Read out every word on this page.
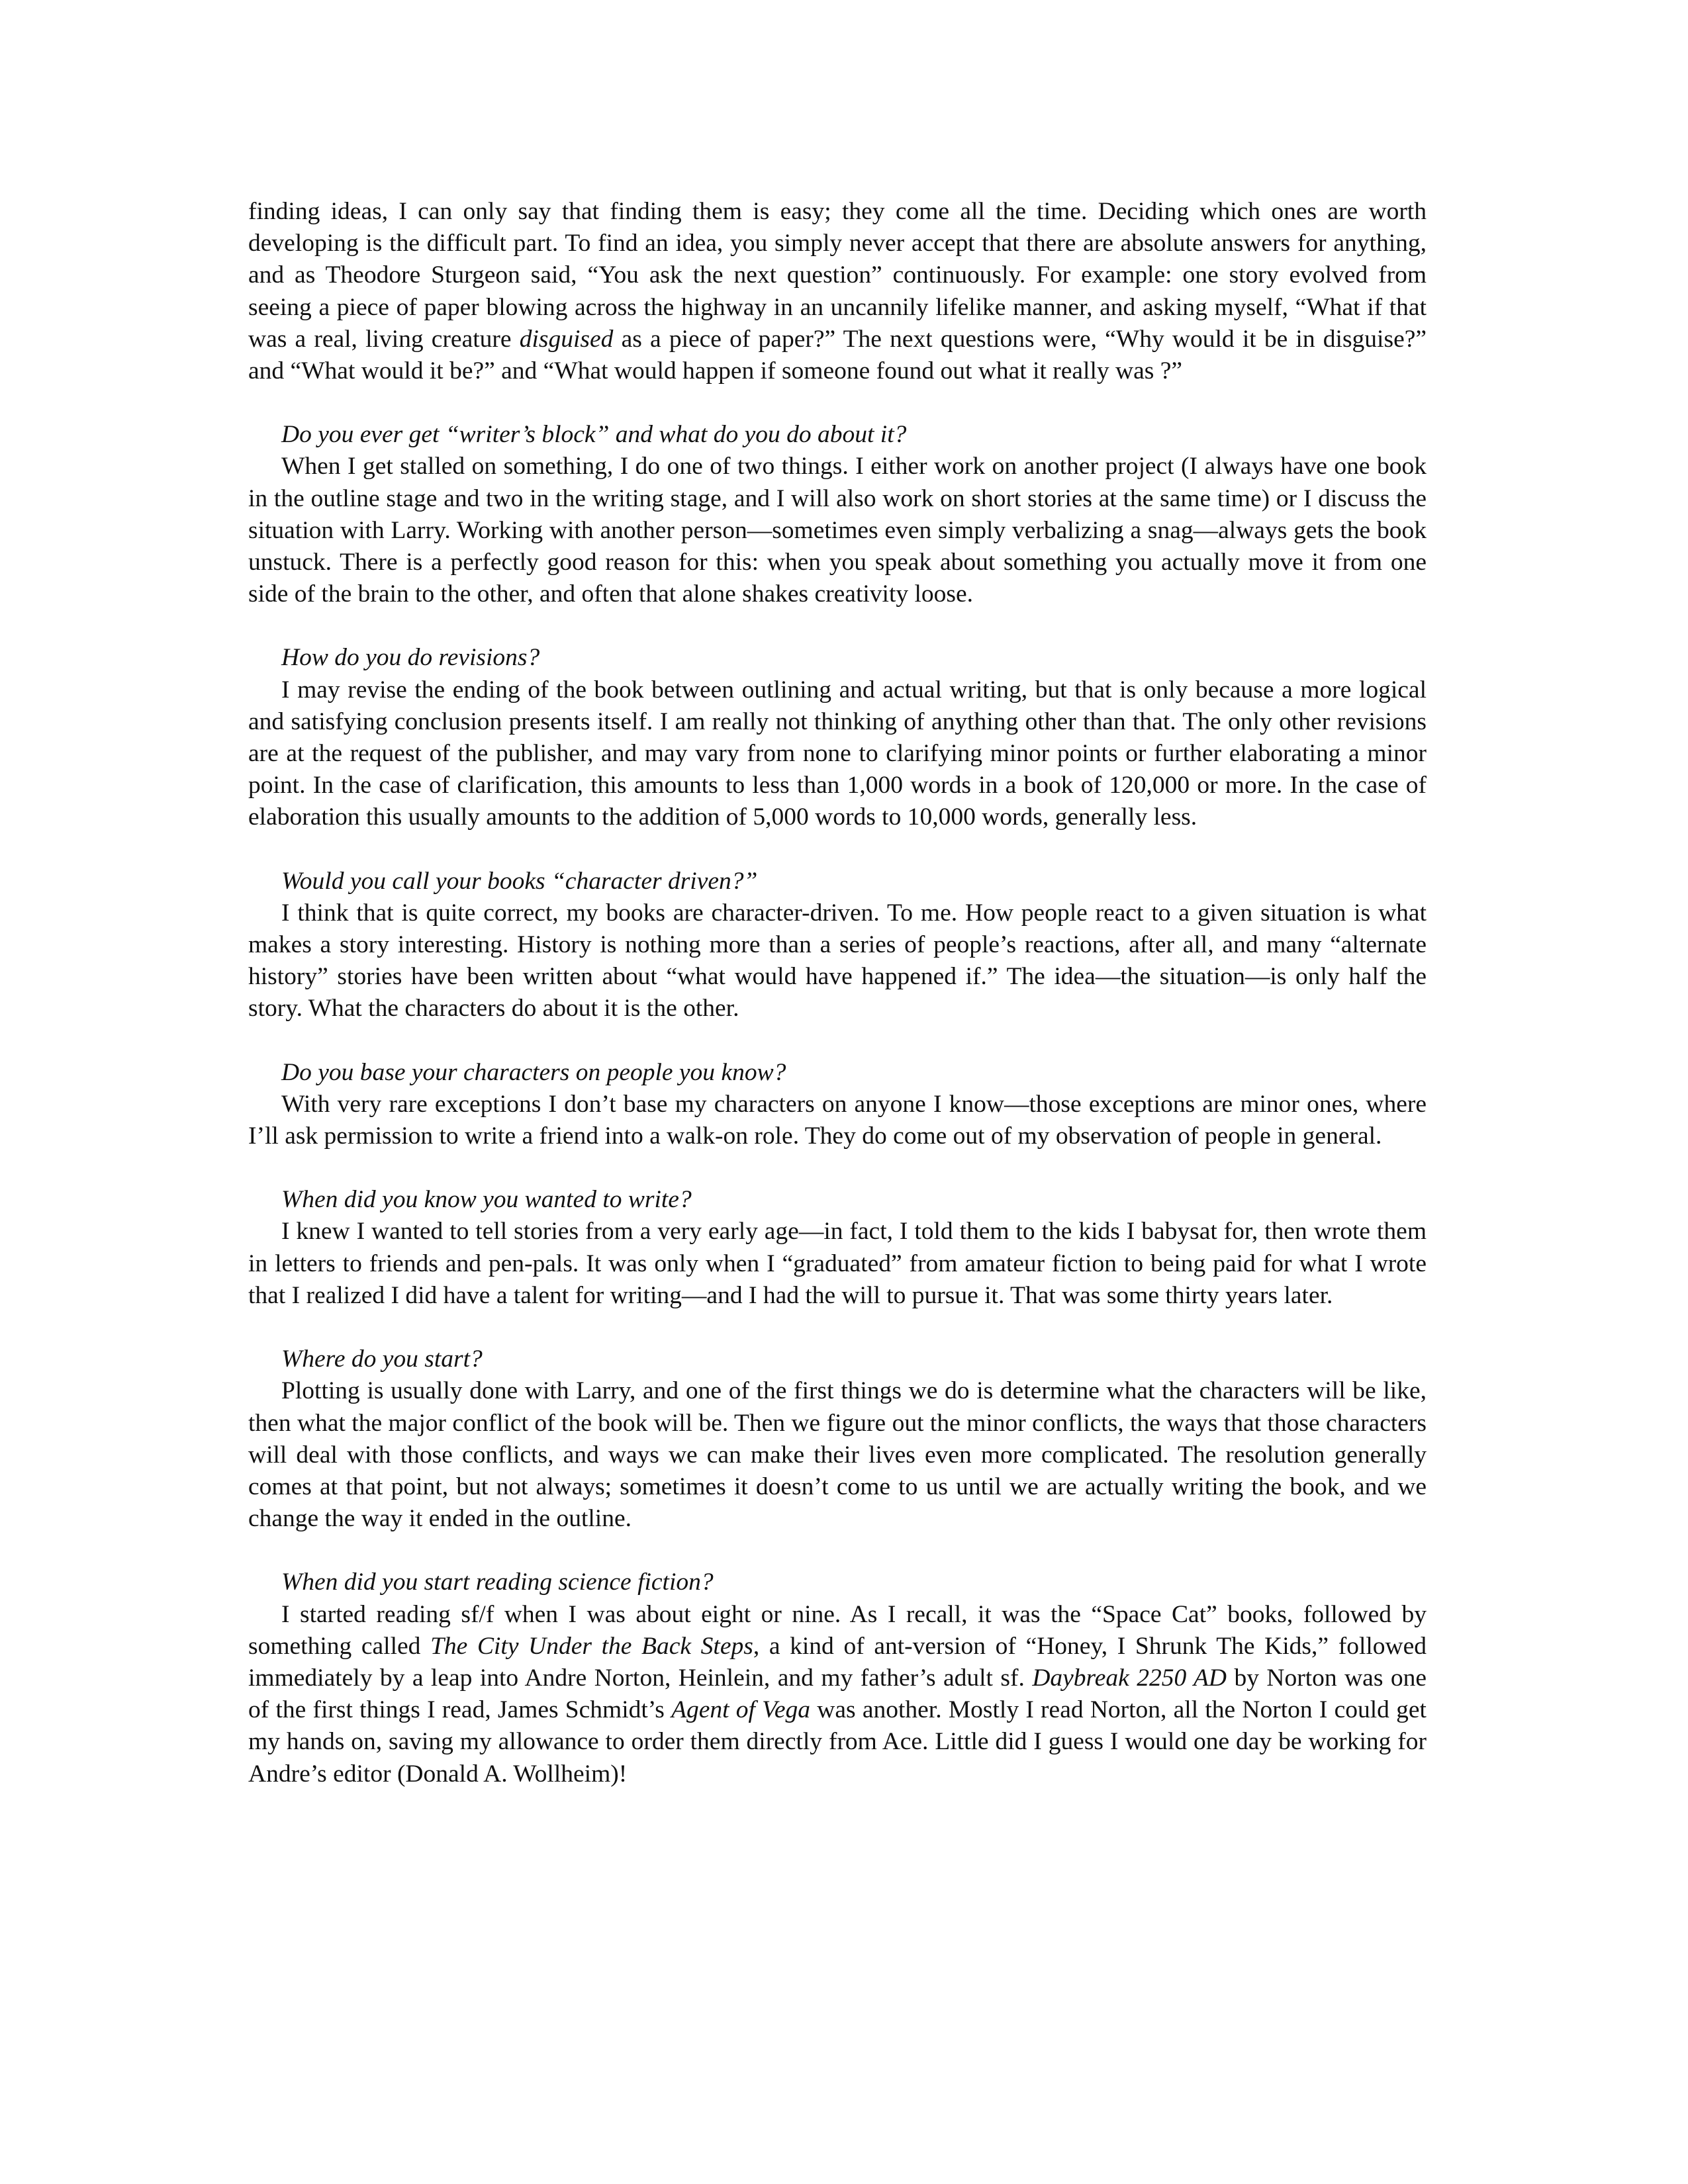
finding ideas, I can only say that finding them is easy; they come all the time. Deciding which ones are worth developing is the difficult part. To find an idea, you simply never accept that there are absolute answers for anything, and as Theodore Sturgeon said, “You ask the next question” continuously. For example: one story evolved from seeing a piece of paper blowing across the highway in an uncannily lifelike manner, and asking myself, “What if that was a real, living creature disguised as a piece of paper?” The next questions were, “Why would it be in disguise?” and “What would it be?” and “What would happen if someone found out what it really was ?”

Do you ever get “writer’s block” and what do you do about it?

When I get stalled on something, I do one of two things. I either work on another project (I always have one book in the outline stage and two in the writing stage, and I will also work on short stories at the same time) or I discuss the situation with Larry. Working with another person—sometimes even simply verbalizing a snag—always gets the book unstuck. There is a perfectly good reason for this: when you speak about something you actually move it from one side of the brain to the other, and often that alone shakes creativity loose.

How do you do revisions?

I may revise the ending of the book between outlining and actual writing, but that is only because a more logical and satisfying conclusion presents itself. I am really not thinking of anything other than that. The only other revisions are at the request of the publisher, and may vary from none to clarifying minor points or further elaborating a minor point. In the case of clarification, this amounts to less than 1,000 words in a book of 120,000 or more. In the case of elaboration this usually amounts to the addition of 5,000 words to 10,000 words, generally less.

Would you call your books “character driven?”

I think that is quite correct, my books are character-driven. To me. How people react to a given situation is what makes a story interesting. History is nothing more than a series of people’s reactions, after all, and many “alternate history” stories have been written about “what would have happened if.” The idea—the situation—is only half the story. What the characters do about it is the other.

Do you base your characters on people you know?

With very rare exceptions I don’t base my characters on anyone I know—those exceptions are minor ones, where I’ll ask permission to write a friend into a walk-on role. They do come out of my observation of people in general.

When did you know you wanted to write?

I knew I wanted to tell stories from a very early age—in fact, I told them to the kids I babysat for, then wrote them in letters to friends and pen-pals. It was only when I “graduated” from amateur fiction to being paid for what I wrote that I realized I did have a talent for writing—and I had the will to pursue it. That was some thirty years later.

Where do you start?

Plotting is usually done with Larry, and one of the first things we do is determine what the characters will be like, then what the major conflict of the book will be. Then we figure out the minor conflicts, the ways that those characters will deal with those conflicts, and ways we can make their lives even more complicated. The resolution generally comes at that point, but not always; sometimes it doesn’t come to us until we are actually writing the book, and we change the way it ended in the outline.

When did you start reading science fiction?

I started reading sf/f when I was about eight or nine. As I recall, it was the “Space Cat” books, followed by something called The City Under the Back Steps, a kind of ant-version of “Honey, I Shrunk The Kids,” followed immediately by a leap into Andre Norton, Heinlein, and my father’s adult sf. Daybreak 2250 AD by Norton was one of the first things I read, James Schmidt’s Agent of Vega was another. Mostly I read Norton, all the Norton I could get my hands on, saving my allowance to order them directly from Ace. Little did I guess I would one day be working for Andre’s editor (Donald A. Wollheim)!
